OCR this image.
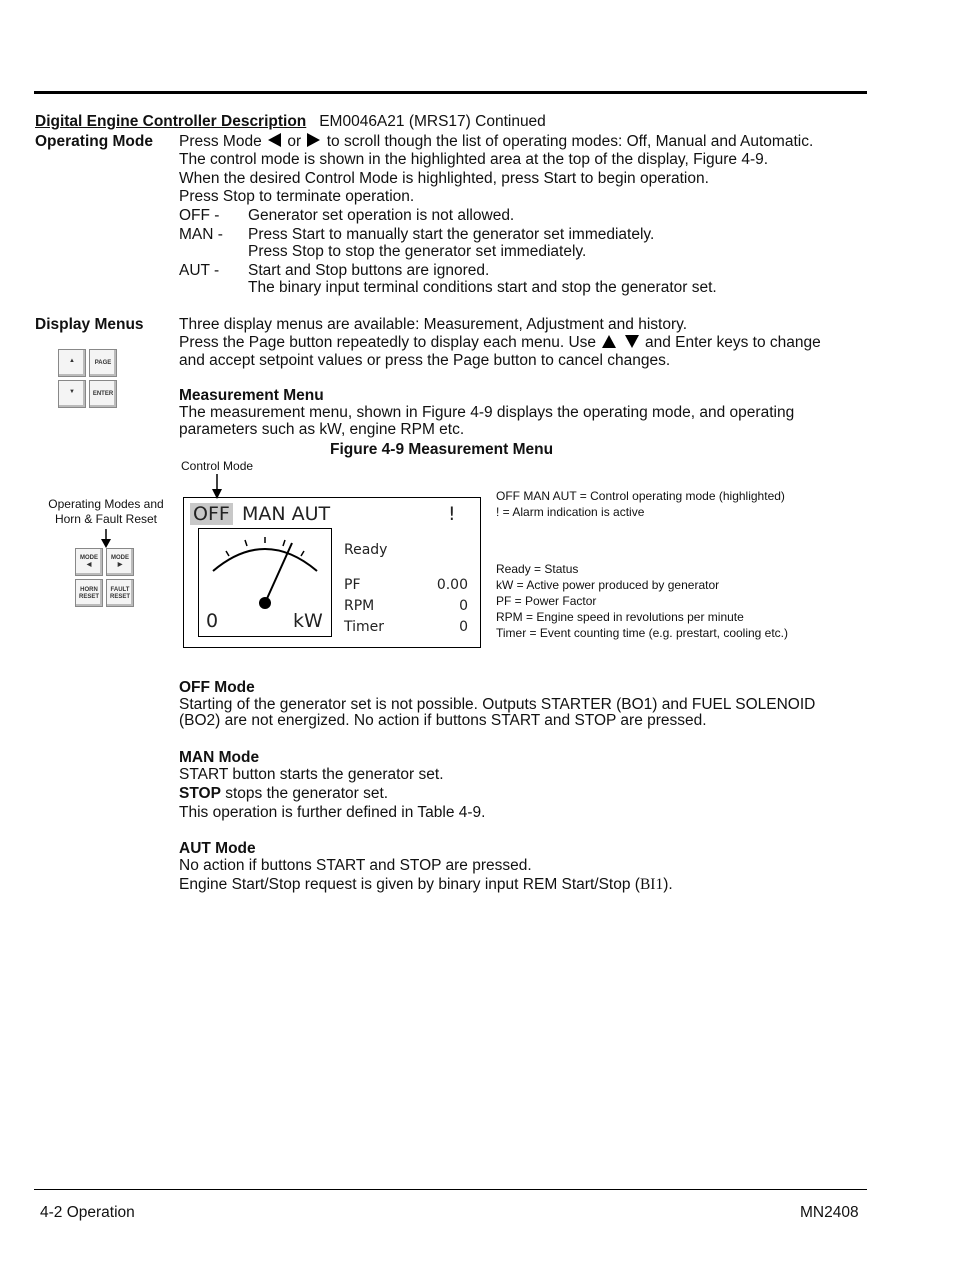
Digital Engine Controller Description EM0046A21 (MRS17) Continued
Operating Mode Press Mode or to scroll though the list of operating modes: Off, Manual and Automatic.
The control mode is shown in the highlighted area at the top of the display, Figure 4-9.
When the desired Control Mode is highlighted, press Start to begin operation.
Press Stop to terminate operation.
OFF - Generator set operation is not allowed.
MAN - Press Start to manually start the generator set immediately.
Press Stop to stop the generator set immediately.
AUT - Start and Stop buttons are ignored.
The binary input terminal conditions start and stop the generator set.
Display Menus Three display menus are available: Measurement, Adjustment and history.
Press the Page button repeatedly to display each menu. Use	and Enter keys to change
and accept setpoint values or press the Page button to cancel changes.
▲	PAGE
▼	ENTER	Measurement Menu
The measurement menu, shown in Figure 4-9 displays the operating mode, and operating
parameters such as kW, engine RPM etc.
Figure 4-9 Measurement Menu
Control Mode
Operating Modes and
Horn & Fault Reset
MODE
◀
MODE
▶
HORN
RESET
FAULT
RESET
OFF MAN AUT	!
0	kW
Ready
PF	0.00
RPM	0
Timer	0
OFF MAN AUT = Control operating mode (highlighted)
! = Alarm indication is active
Ready = Status
kW = Active power produced by generator
PF = Power Factor
RPM = Engine speed in revolutions per minute
Timer = Event counting time (e.g. prestart, cooling etc.)
OFF Mode
Starting of the generator set is not possible. Outputs STARTER (BO1) and FUEL SOLENOID
(BO2) are not energized. No action if buttons START and STOP are pressed.
MAN Mode
START button starts the generator set.
STOP stops the generator set.
This operation is further defined in Table 4-9.
AUT Mode
No action if buttons START and STOP are pressed.
Engine Start/Stop request is given by binary input REM Start/Stop (BI1).
4-2 Operation	MN2408
